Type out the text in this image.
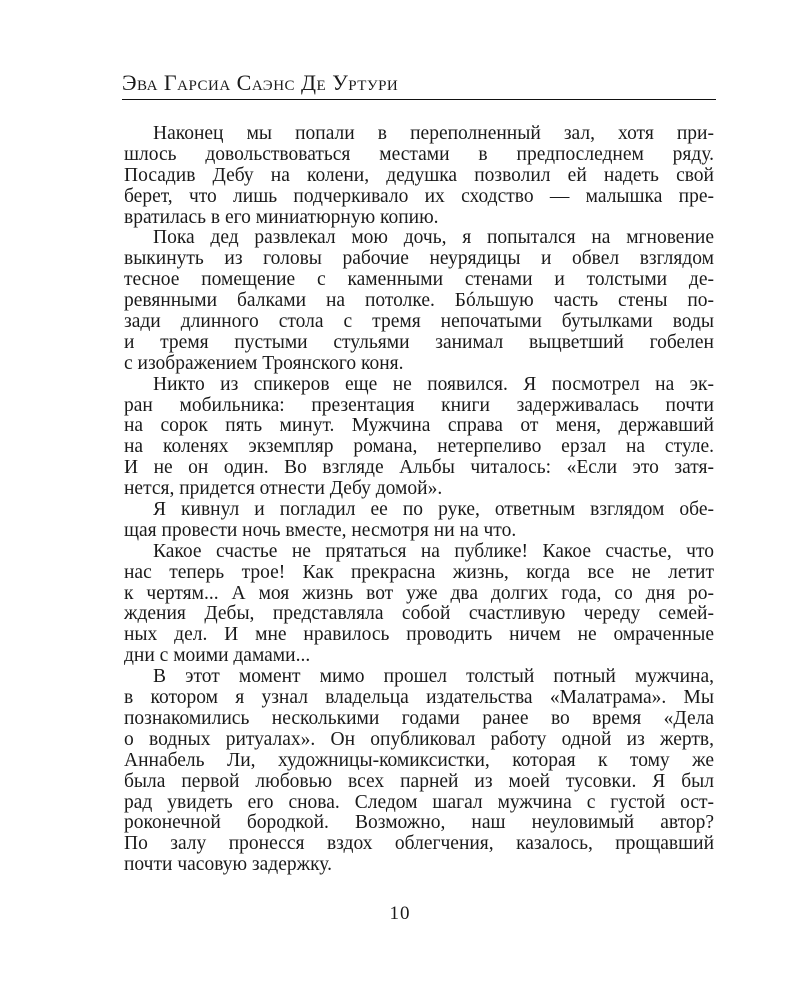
Эва Гарсиа Саэнс Де Уртури
Наконец мы попали в переполненный зал, хотя при-
шлось довольствоваться местами в предпоследнем ряду.
Посадив Дебу на колени, дедушка позволил ей надеть свой
берет, что лишь подчеркивало их сходство — малышка пре-
вратилась в его миниатюрную копию.
Пока дед развлекал мою дочь, я попытался на мгновение
выкинуть из головы рабочие неурядицы и обвел взглядом
тесное помещение с каменными стенами и толстыми де-
ревянными балками на потолке. Бóльшую часть стены по-
зади длинного стола с тремя непочатыми бутылками воды
и тремя пустыми стульями занимал выцветший гобелен
с изображением Троянского коня.
Никто из спикеров еще не появился. Я посмотрел на эк-
ран мобильника: презентация книги задерживалась почти
на сорок пять минут. Мужчина справа от меня, державший
на коленях экземпляр романа, нетерпеливо ерзал на стуле.
И не он один. Во взгляде Альбы читалось: «Если это затя-
нется, придется отнести Дебу домой».
Я кивнул и погладил ее по руке, ответным взглядом обе-
щая провести ночь вместе, несмотря ни на что.
Какое счастье не прятаться на публике! Какое счастье, что
нас теперь трое! Как прекрасна жизнь, когда все не летит
к чертям... А моя жизнь вот уже два долгих года, со дня ро-
ждения Дебы, представляла собой счастливую череду семей-
ных дел. И мне нравилось проводить ничем не омраченные
дни с моими дамами...
В этот момент мимо прошел толстый потный мужчина,
в котором я узнал владельца издательства «Малатрама». Мы
познакомились несколькими годами ранее во время «Дела
о водных ритуалах». Он опубликовал работу одной из жертв,
Аннабель Ли, художницы-комиксистки, которая к тому же
была первой любовью всех парней из моей тусовки. Я был
рад увидеть его снова. Следом шагал мужчина с густой ост-
роконечной бородкой. Возможно, наш неуловимый автор?
По залу пронесся вздох облегчения, казалось, прощавший
почти часовую задержку.
10
